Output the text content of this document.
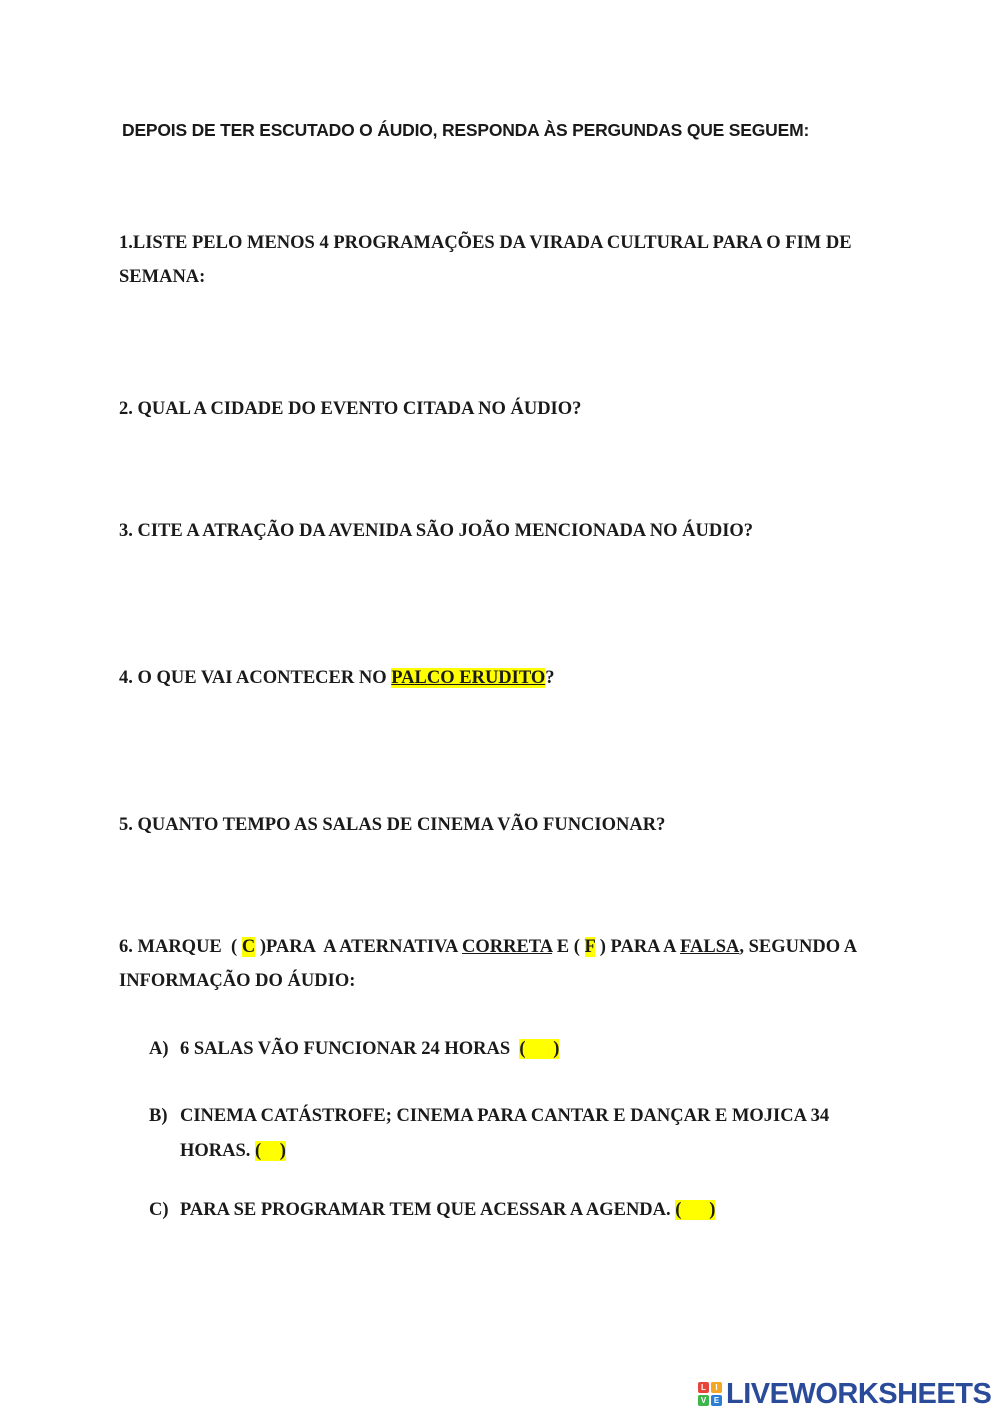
DEPOIS DE TER ESCUTADO O ÁUDIO, RESPONDA ÀS PERGUNDAS QUE SEGUEM:
1.LISTE PELO MENOS 4 PROGRAMAÇÕES DA VIRADA CULTURAL PARA O FIM DE
SEMANA:
2. QUAL A CIDADE DO EVENTO CITADA NO ÁUDIO?
3. CITE A ATRAÇÃO DA AVENIDA SÃO JOÃO MENCIONADA NO ÁUDIO?
4. O QUE VAI ACONTECER NO PALCO ERUDITO?
5. QUANTO TEMPO AS SALAS DE CINEMA VÃO FUNCIONAR?
6. MARQUE  ( C )PARA  A ATERNATIVA CORRETA E ( F ) PARA A FALSA, SEGUNDO A
INFORMAÇÃO DO ÁUDIO:
A) 6 SALAS VÃO FUNCIONAR 24 HORAS  (      )
B) CINEMA CATÁSTROFE; CINEMA PARA CANTAR E DANÇAR E MOJICA 34
HORAS. (    )
C) PARA SE PROGRAMAR TEM QUE ACESSAR A AGENDA. (      )
L	I
V E LIVEWORKSHEETS
